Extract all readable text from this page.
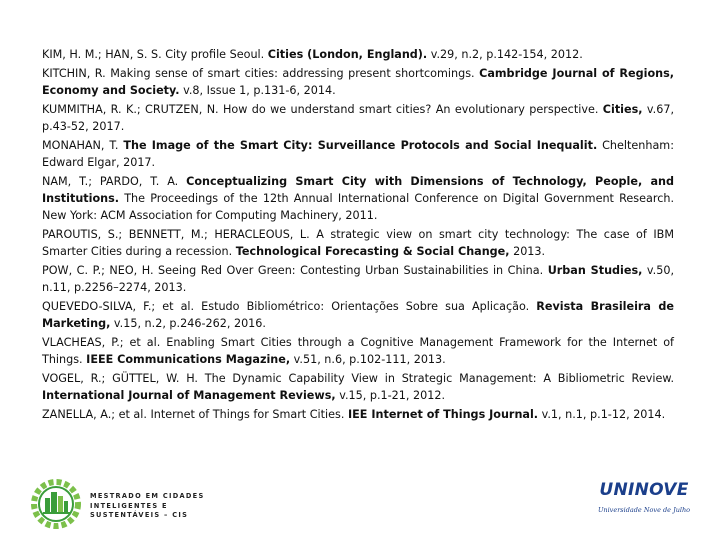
KIM, H. M.; HAN, S. S. City profile Seoul. Cities (London, England). v.29, n.2, p.142-154, 2012.

KITCHIN, R. Making sense of smart cities: addressing present shortcomings. Cambridge Journal of Regions, Economy and Society. v.8, Issue 1, p.131-6, 2014.

KUMMITHA, R. K.; CRUTZEN, N. How do we understand smart cities? An evolutionary perspective. Cities, v.67, p.43-52, 2017.

MONAHAN, T. The Image of the Smart City: Surveillance Protocols and Social Inequalit. Cheltenham: Edward Elgar, 2017.

NAM, T.; PARDO, T. A. Conceptualizing Smart City with Dimensions of Technology, People, and Institutions. The Proceedings of the 12th Annual International Conference on Digital Government Research. New York: ACM Association for Computing Machinery, 2011.

PAROUTIS, S.; BENNETT, M.; HERACLEOUS, L. A strategic view on smart city technology: The case of IBM Smarter Cities during a recession. Technological Forecasting & Social Change, 2013.

POW, C. P.; NEO, H. Seeing Red Over Green: Contesting Urban Sustainabilities in China. Urban Studies, v.50, n.11, p.2256–2274, 2013.

QUEVEDO-SILVA, F.; et al. Estudo Bibliométrico: Orientações Sobre sua Aplicação. Revista Brasileira de Marketing, v.15, n.2, p.246-262, 2016.

VLACHEAS, P.; et al. Enabling Smart Cities through a Cognitive Management Framework for the Internet of Things. IEEE Communications Magazine, v.51, n.6, p.102-111, 2013.

VOGEL, R.; GÜTTEL, W. H. The Dynamic Capability View in Strategic Management: A Bibliometric Review. International Journal of Management Reviews, v.15, p.1-21, 2012.

ZANELLA, A.; et al. Internet of Things for Smart Cities. IEE Internet of Things Journal. v.1, n.1, p.1-12, 2014.

MESTRADO EM CIDADES
INTELIGENTES E
SUSTENTÁVEIS – CIS
UNINOVE
Universidade Nove de Julho
